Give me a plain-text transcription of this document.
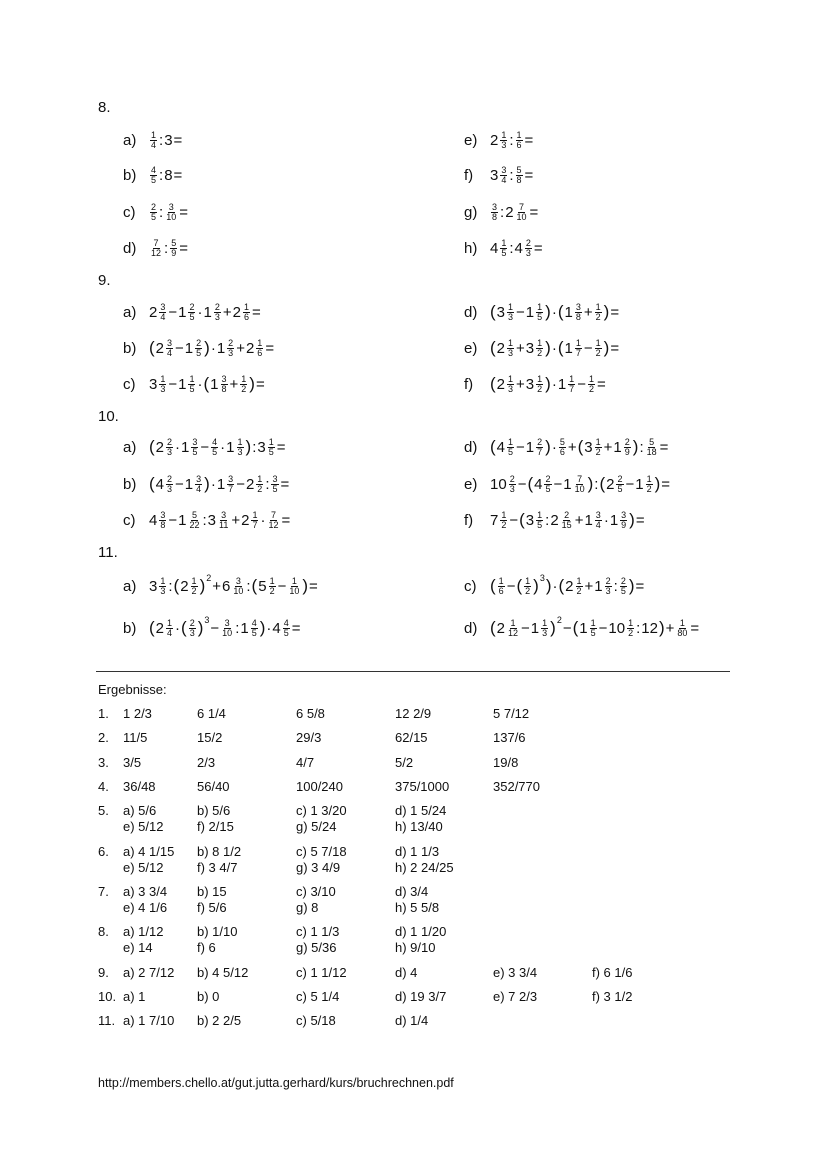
8.
a)	$\frac{1}{4}$ : 3 =
b)	$\frac{4}{5}$ : 8 =
c)	$\frac{2}{5}$ : $\frac{3}{10}$ =
d)	$\frac{7}{12}$ : $\frac{5}{9}$ =
e) $2 \frac{1}{3}$ : $\frac{1}{6}$ =
f)	$3 \frac{3}{4}$ : $\frac{5}{8}$ =
g)	$\frac{3}{8}$ : $2 \frac{7}{10}$ =
h) $4 \frac{1}{5}$ : $4 \frac{2}{3}$ =
9.
a) $2 \frac{3}{4} - 1 \frac{2}{5} \cdot 1 \frac{2}{3} + 2 \frac{1}{6}$ =
b) ( $2 \frac{3}{4} - 1 \frac{2}{5}$ ) · $1 \frac{2}{3} + 2 \frac{1}{6}$ =
c) $3 \frac{1}{3} - 1 \frac{1}{5}$ · ( $1 \frac{3}{8} + \frac{1}{2}$ ) =
d) ( $3 \frac{1}{3} - 1 \frac{1}{5}$ ) · ( $1 \frac{3}{8} + \frac{1}{2}$ ) =
e) ( $2 \frac{1}{3} + 3 \frac{1}{2}$ ) · ( $1 \frac{1}{7} - \frac{1}{2}$ ) =
f) ( $2 \frac{1}{3} + 3 \frac{1}{2}$ ) · $1 \frac{1}{7} - \frac{1}{2}$ =
10.
a) ( $2 \frac{2}{3} \cdot 1 \frac{3}{5} - \frac{4}{5} \cdot 1 \frac{1}{3}$ ) : $3 \frac{1}{5}$ =
b) ( $4 \frac{2}{3} - 1 \frac{3}{4}$ ) · $1 \frac{3}{7} - 2 \frac{1}{2}$ : $\frac{3}{5}$ =
c) $4 \frac{3}{8} - 1 \frac{5}{22}$ : $3 \frac{3}{11} + 2 \frac{1}{7} \cdot \frac{7}{12}$ =
d) ( $4 \frac{1}{5} - 1 \frac{2}{7}$ ) · $\frac{5}{6}$ + ( $3 \frac{1}{2} + 1 \frac{2}{9}$ ) : $\frac{5}{18}$ =
e) $10 \frac{2}{3}$ − ( $4 \frac{2}{5} - 1 \frac{7}{10}$ ) : ( $2 \frac{2}{5} - 1 \frac{1}{2}$ ) =
f)	$7 \frac{1}{2}$ − ( $3 \frac{1}{5}$ : $2 \frac{2}{15} + 1 \frac{3}{4} \cdot 1 \frac{3}{9}$ ) =
11.
a) $3 \frac{1}{3}$ : ( $2 \frac{1}{2}$ ) $2 + 6 \frac{3}{10}$ : ( $5 \frac{1}{2} - \frac{1}{10}$ ) =
b) ( $2 \frac{1}{4}$ · ( $\frac{2}{3}$ ) $3 - \frac{3}{10}$ : $1 \frac{4}{5}$ ) · $4 \frac{4}{5}$ =
c) ( $\frac{1}{6}$ − ( $\frac{1}{2}$ ) 3 ) · ( $2 \frac{1}{2} + 1 \frac{2}{3}$ : $\frac{2}{5}$ ) =
d) ( $2 \frac{1}{12} - 1 \frac{1}{3}$ ) 2 − ( $1 \frac{1}{5} - 10 \frac{1}{2}$ : 12 ) + $\frac{1}{80}$ =
Ergebnisse:
1. 1 2/3	6 1/4	6 5/8	12 2/9	5 7/12
2. 11/5	15/2	29/3	62/15	137/6
3. 3/5	2/3	4/7	5/2	19/8
4. 36/48	56/40	100/240	375/1000	352/770
5. a) 5/6	b) 5/6	c) 1 3/20	d) 1 5/24
e) 5/12	f) 2/15	g) 5/24	h) 13/40
6. a) 4 1/15 b) 8 1/2	c) 5 7/18	d) 1 1/3
e) 5/12	f) 3 4/7	g) 3 4/9	h) 2 24/25
7. a) 3 3/4 b) 15	c) 3/10	d) 3/4
e) 4 1/6 f) 5/6	g) 8	h) 5 5/8
8. a) 1/12	b) 1/10	c) 1 1/3	d) 1 1/20
e) 14	f) 6	g) 5/36	h) 9/10
9. a) 2 7/12 b) 4 5/12	c) 1 1/12	d) 4	e) 3 3/4	f) 6 1/6
10. a) 1	b) 0	c) 5 1/4	d) 19 3/7	e) 7 2/3	f) 3 1/2
11. a) 1 7/10 b) 2 2/5	c) 5/18	d) 1/4
http://members.chello.at/gut.jutta.gerhard/kurs/bruchrechnen.pdf
